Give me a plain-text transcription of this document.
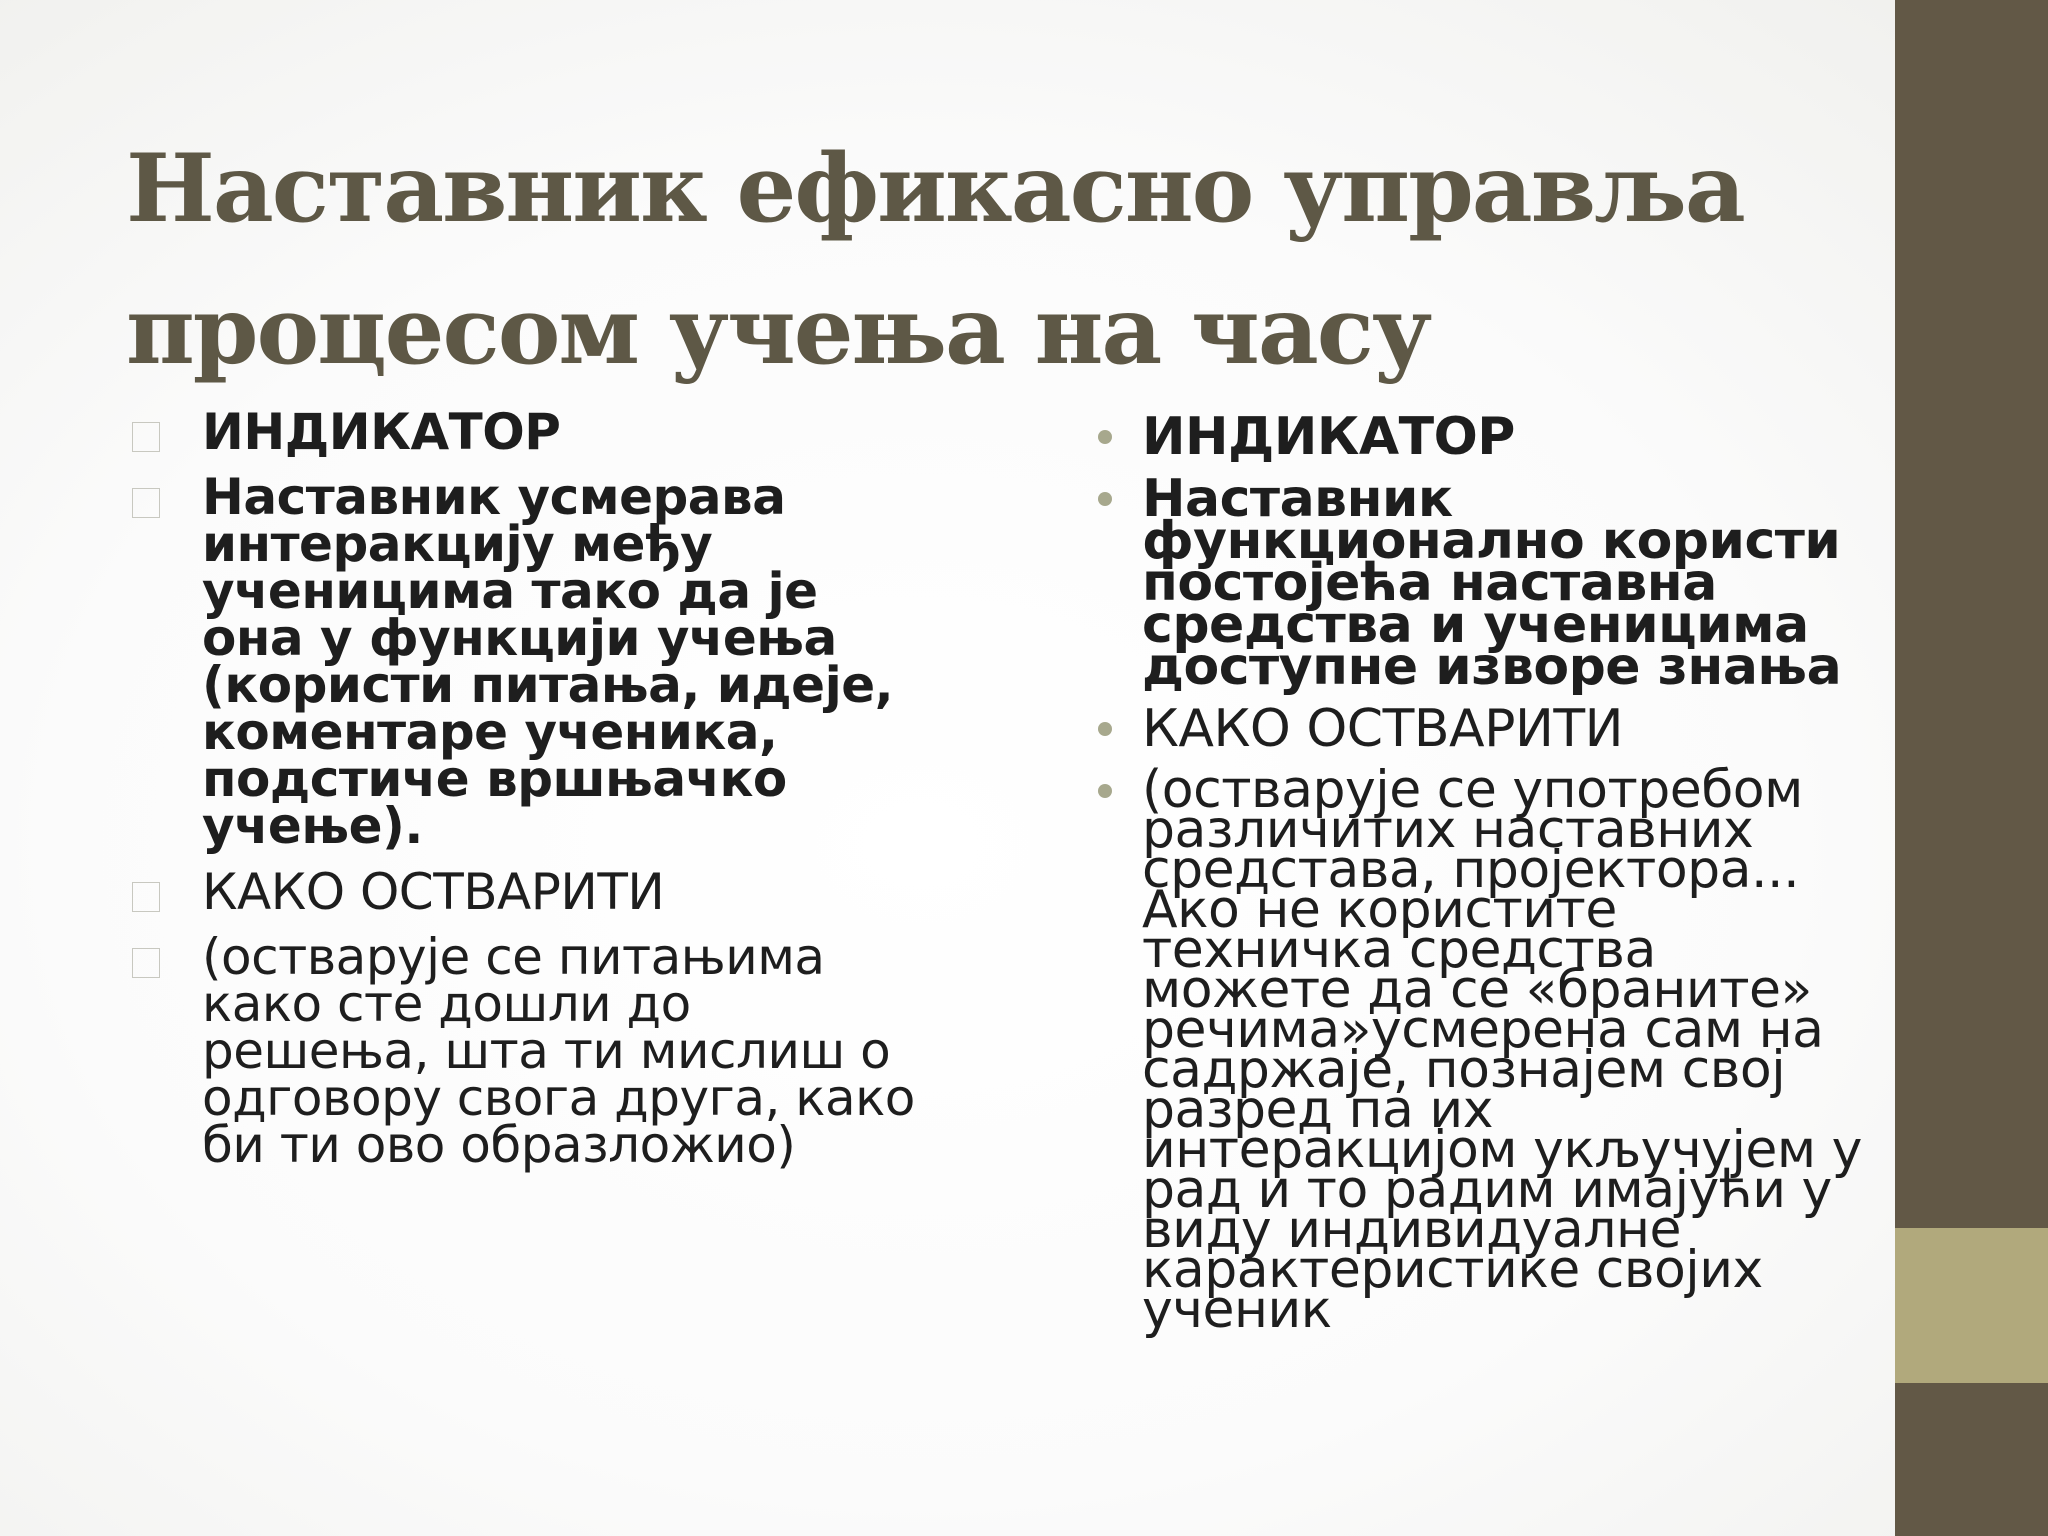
Наставник ефикасно управља процесом учења на часу
ИНДИКАТОР
Наставник усмерава интеракцију међу ученицима тако да је она у функцији учења (користи питања, идеје, коментаре ученика, подстиче вршњачко учење).
КАКО ОСТВАРИТИ
(остварује се питањима како сте дошли до решења, шта ти мислиш о одговору свога друга, како би ти ово образложио)
ИНДИКАТОР
Наставник функционално користи постојећа наставна средства и ученицима доступне изворе знања
КАКО ОСТВАРИТИ
(остварује се употребом различитих наставних средстава, пројектора... Ако не користите техничка средства можете да се «браните» речима»усмерена сам на садржаје, познајем свој разред па их интеракцијом укључујем у рад и то радим имајући у виду индивидуалне карактеристике својих ученик
